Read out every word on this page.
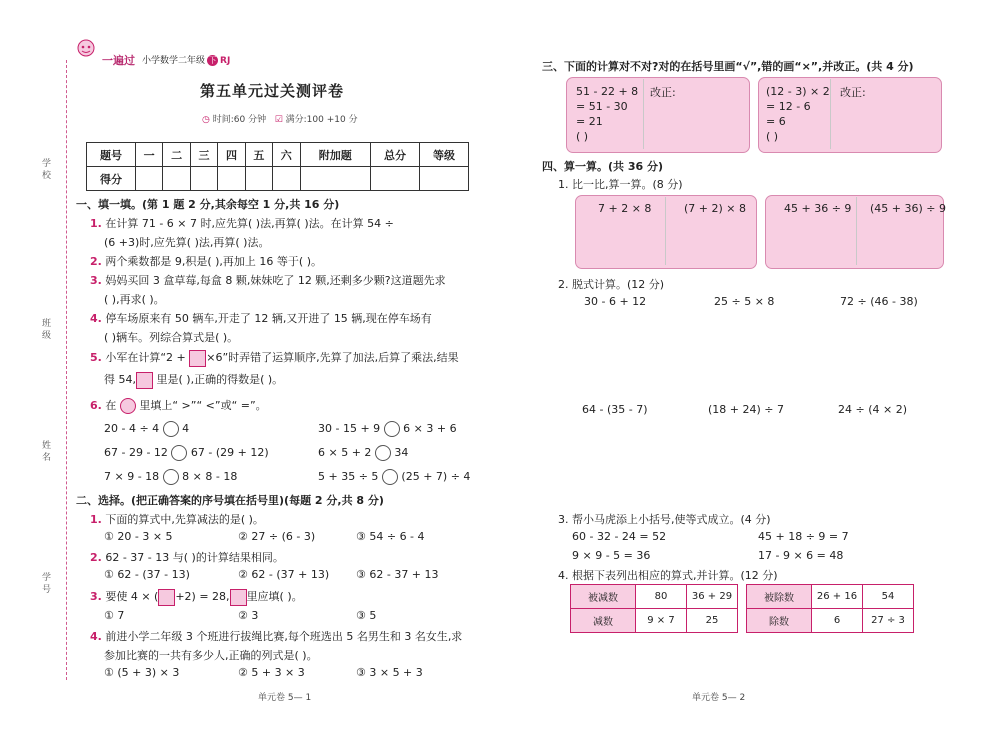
学校
班级
姓名
学号
一遍过 小学数学二年级 下 RJ
第五单元过关测评卷
◷ 时间:60 分钟 ☑ 满分:100 +10 分
题号	一	二	三	四	五	六	附加题	总分	等级
得分									
一、填一填。(第 1 题 2 分,其余每空 1 分,共 16 分)
1. 在计算 71 - 6 × 7 时,应先算( )法,再算( )法。在计算 54 ÷
(6 +3)时,应先算( )法,再算( )法。
2. 两个乘数都是 9,积是( ),再加上 16 等于( )。
3. 妈妈买回 3 盒草莓,每盒 8 颗,妹妹吃了 12 颗,还剩多少颗?这道题先求
( ),再求( )。
4. 停车场原来有 50 辆车,开走了 12 辆,又开进了 15 辆,现在停车场有
( )辆车。列综合算式是( )。
5. 小军在计算“2 + ×6”时弄错了运算顺序,先算了加法,后算了乘法,结果
得 54, 里是( ),正确的得数是( )。
6. 在 里填上“ >”“ <”或“ =”。
20 - 4 ÷ 4 4	30 - 15 + 9 6 × 3 + 6
67 - 29 - 12 67 - (29 + 12)	6 × 5 + 2 34
7 × 9 - 18 8 × 8 - 18	5 + 35 ÷ 5 (25 + 7) ÷ 4
二、选择。(把正确答案的序号填在括号里)(每题 2 分,共 8 分)
1. 下面的算式中,先算减法的是( )。
① 20 - 3 × 5	② 27 ÷ (6 - 3)	③ 54 ÷ 6 - 4
2. 62 - 37 - 13 与( )的计算结果相同。
① 62 - (37 - 13)	② 62 - (37 + 13) ③ 62 - 37 + 13
3. 要使 4 × ( +2) = 28, 里应填( )。
① 7	② 3	③ 5
4. 前进小学二年级 3 个班进行拔绳比赛,每个班选出 5 名男生和 3 名女生,求
参加比赛的一共有多少人,正确的列式是( )。
① (5 + 3) × 3	② 5 + 3 × 3	③ 3 × 5 + 3
单元卷 5— 1
三、下面的计算对不对?对的在括号里画“√”,错的画“×”,并改正。(共 4 分)
51 - 22 + 8
= 51 - 30
= 21
( )
改正:	(12 - 3) × 2
= 12 - 6
= 6
( )
改正:
四、算一算。(共 36 分)
1. 比一比,算一算。(8 分)
7 + 2 × 8	(7 + 2) × 8	45 + 36 ÷ 9 (45 + 36) ÷ 9
2. 脱式计算。(12 分)
30 - 6 + 12	25 ÷ 5 × 8	72 ÷ (46 - 38)
64 - (35 - 7)	(18 + 24) ÷ 7	24 ÷ (4 × 2)
3. 帮小马虎添上小括号,使等式成立。(4 分)
60 - 32 - 24 = 52	45 + 18 ÷ 9 = 7
9 × 9 - 5 = 36	17 - 9 × 6 = 48
4. 根据下表列出相应的算式,并计算。(12 分)
被减数	80	36 + 29
减数	9 × 7	25
被除数	26 + 16	54
除数	6	27 ÷ 3
单元卷 5— 2
